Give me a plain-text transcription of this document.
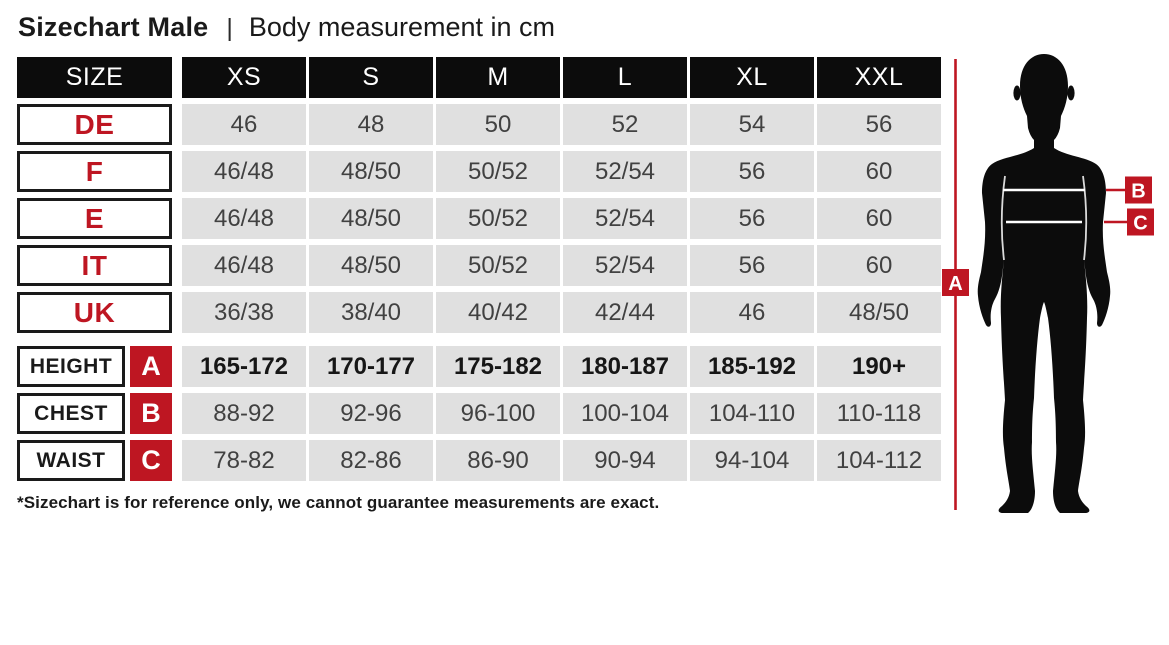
Sizechart Male | Body measurement in cm
SIZE	XS	S	M	L	XL	XXL
DE	46	48	50	52	54	56
F	46/48	48/50	50/52	52/54	56	60
E	46/48	48/50	50/52	52/54	56	60
IT	46/48	48/50	50/52	52/54	56	60
UK	36/38	38/40	40/42	42/44	46	48/50
HEIGHT	A	165-172	170-177	175-182	180-187	185-192	190+
CHEST	B	88-92	92-96	96-100	100-104	104-110	110-118
WAIST	C	78-82	82-86	86-90	90-94	94-104	104-112
*Sizechart is for reference only, we cannot guarantee measurements are exact.
A
B
C
